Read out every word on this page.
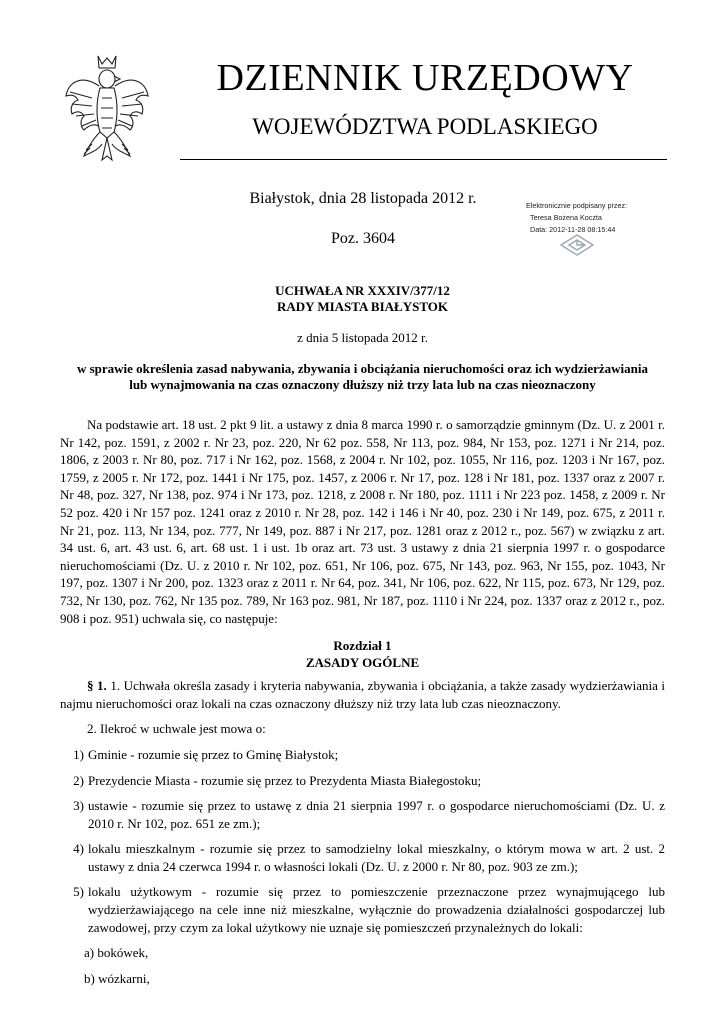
DZIENNIK URZĘDOWY
WOJEWÓDZTWA PODLASKIEGO
Białystok, dnia 28 listopada 2012 r.
Poz. 3604
Elektronicznie podpisany przez:
Teresa Bożena Koczta
Data: 2012-11-28 08:15:44
UCHWAŁA NR XXXIV/377/12
RADY MIASTA BIAŁYSTOK
z dnia 5 listopada 2012 r.
w sprawie określenia zasad nabywania, zbywania i obciążania nieruchomości oraz ich wydzierżawiania
lub wynajmowania na czas oznaczony dłuższy niż trzy lata lub na czas nieoznaczony

Na podstawie art. 18 ust. 2 pkt 9 lit. a ustawy z dnia 8 marca 1990 r. o samorządzie gminnym (Dz. U. z 2001 r. Nr 142, poz. 1591, z 2002 r. Nr 23, poz. 220, Nr 62 poz. 558, Nr 113, poz. 984, Nr 153, poz. 1271 i Nr 214, poz. 1806, z 2003 r. Nr 80, poz. 717 i Nr 162, poz. 1568, z 2004 r. Nr 102, poz. 1055, Nr 116, poz. 1203 i Nr 167, poz. 1759, z 2005 r. Nr 172, poz. 1441 i Nr 175, poz. 1457, z 2006 r. Nr 17, poz. 128 i Nr 181, poz. 1337 oraz z 2007 r. Nr 48, poz. 327, Nr 138, poz. 974 i Nr 173, poz. 1218, z 2008 r. Nr 180, poz. 1111 i Nr 223 poz. 1458, z 2009 r. Nr 52 poz. 420 i Nr 157 poz. 1241 oraz z 2010 r. Nr 28, poz. 142 i 146 i Nr 40, poz. 230 i Nr 149, poz. 675, z 2011 r. Nr 21, poz. 113, Nr 134, poz. 777, Nr 149, poz. 887 i Nr 217, poz. 1281 oraz z 2012 r., poz. 567) w związku z art. 34 ust. 6, art. 43 ust. 6, art. 68 ust. 1 i ust. 1b oraz art. 73 ust. 3 ustawy z dnia 21 sierpnia 1997 r. o gospodarce nieruchomościami (Dz. U. z 2010 r. Nr 102, poz. 651, Nr 106, poz. 675, Nr 143, poz. 963, Nr 155, poz. 1043, Nr 197, poz. 1307 i Nr 200, poz. 1323 oraz z 2011 r. Nr 64, poz. 341, Nr 106, poz. 622, Nr 115, poz. 673, Nr 129, poz. 732, Nr 130, poz. 762, Nr 135 poz. 789, Nr 163 poz. 981, Nr 187, poz. 1110 i Nr 224, poz. 1337 oraz z 2012 r., poz. 908 i poz. 951) uchwala się, co następuje:

Rozdział 1
ZASADY OGÓLNE

§ 1. 1. Uchwała określa zasady i kryteria nabywania, zbywania i obciążania, a także zasady wydzierżawiania i najmu nieruchomości oraz lokali na czas oznaczony dłuższy niż trzy lata lub czas nieoznaczony.

2. Ilekroć w uchwale jest mowa o:

1) Gminie - rozumie się przez to Gminę Białystok;
2) Prezydencie Miasta - rozumie się przez to Prezydenta Miasta Białegostoku;
3) ustawie - rozumie się przez to ustawę z dnia 21 sierpnia 1997 r. o gospodarce nieruchomościami (Dz. U. z 2010 r. Nr 102, poz. 651 ze zm.);
4) lokalu mieszkalnym - rozumie się przez to samodzielny lokal mieszkalny, o którym mowa w art. 2 ust. 2 ustawy z dnia 24 czerwca 1994 r. o własności lokali (Dz. U. z 2000 r. Nr 80, poz. 903 ze zm.);
5) lokalu użytkowym - rozumie się przez to pomieszczenie przeznaczone przez wynajmującego lub wydzierżawiającego na cele inne niż mieszkalne, wyłącznie do prowadzenia działalności gospodarczej lub zawodowej, przy czym za lokal użytkowy nie uznaje się pomieszczeń przynależnych do lokali:
a) bokówek,
b) wózkarni,
